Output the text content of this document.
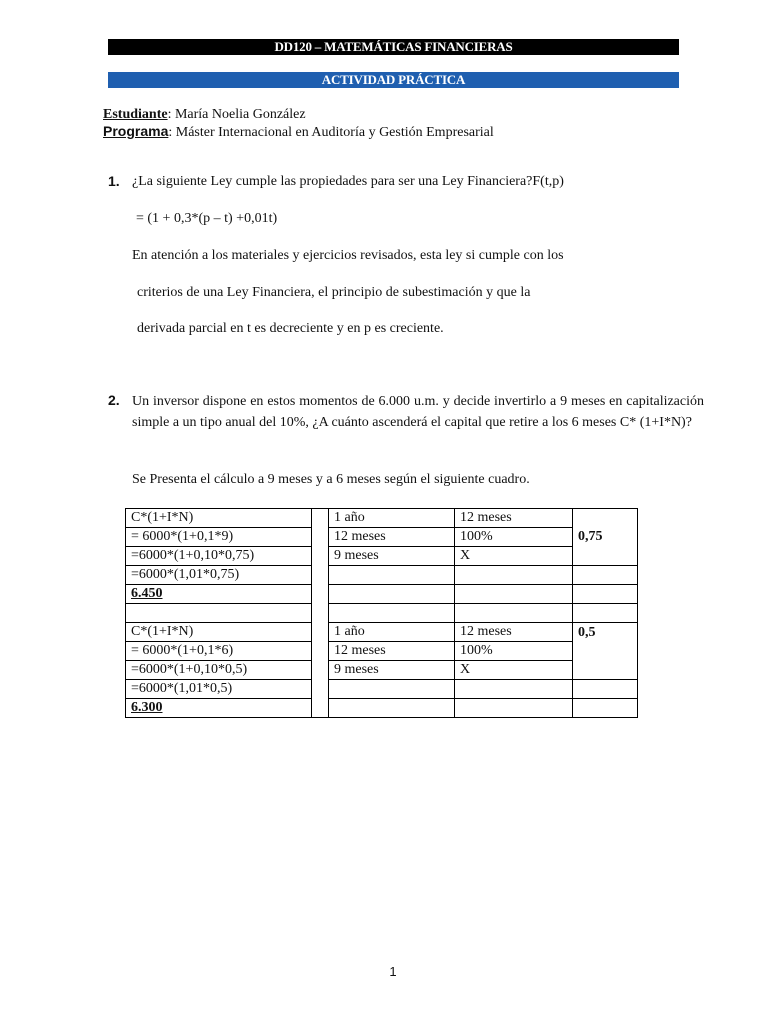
DD120 – MATEMÁTICAS FINANCIERAS
ACTIVIDAD PRÁCTICA
Estudiante: María Noelia González
Programa: Máster Internacional en Auditoría y Gestión Empresarial
1. ¿La siguiente Ley cumple las propiedades para ser una Ley Financiera?F(t,p)
= (1 + 0,3*(p – t) +0,01t)
En atención a los materiales y ejercicios revisados, esta ley si cumple con los
criterios de una Ley Financiera, el principio de subestimación y que la
derivada parcial en t es decreciente y en p es creciente.
2. Un inversor dispone en estos momentos de 6.000 u.m. y decide invertirlo a 9 meses en capitalización simple a un tipo anual del 10%, ¿A cuánto ascenderá el capital que retire a los 6 meses C* (1+I*N)?
Se Presenta el cálculo a 9 meses y a 6 meses según el siguiente cuadro.
C*(1+I*N)		1 año	12 meses	0,75
= 6000*(1+0,1*9)		12 meses	100%	
=6000*(1+0,10*0,75)		9 meses	X	
=6000*(1,01*0,75)				
6.450				

C*(1+I*N)		1 año	12 meses	0,5
= 6000*(1+0,1*6)		12 meses	100%	
=6000*(1+0,10*0,5)		9 meses	X	
=6000*(1,01*0,5)				
6.300				
1
